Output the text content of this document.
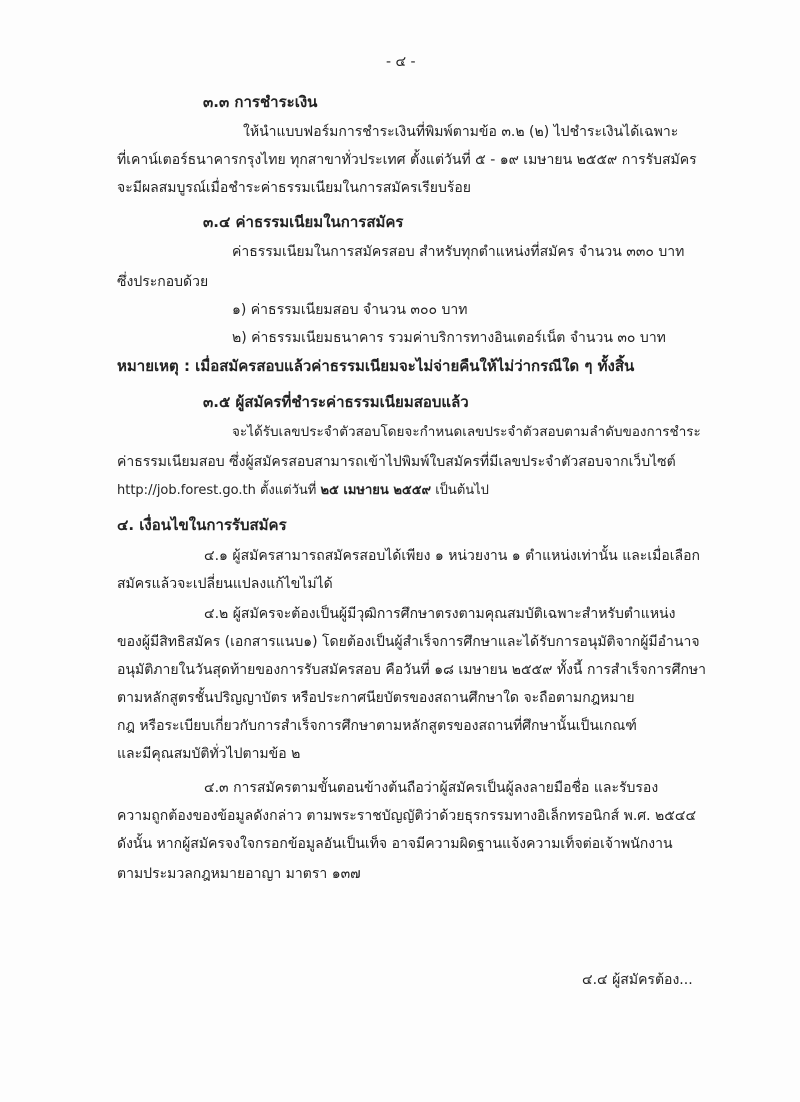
- ๔ -
๓.๓ การชำระเงิน
ให้นำแบบฟอร์มการชำระเงินที่พิมพ์ตามข้อ ๓.๒ (๒) ไปชำระเงินได้เฉพาะ
ที่เคาน์เตอร์ธนาคารกรุงไทย ทุกสาขาทั่วประเทศ ตั้งแต่วันที่ ๕ - ๑๙ เมษายน ๒๕๕๙ การรับสมัคร
จะมีผลสมบูรณ์เมื่อชำระค่าธรรมเนียมในการสมัครเรียบร้อย
๓.๔ ค่าธรรมเนียมในการสมัคร
ค่าธรรมเนียมในการสมัครสอบ สำหรับทุกตำแหน่งที่สมัคร จำนวน ๓๓๐ บาท
ซึ่งประกอบด้วย
๑) ค่าธรรมเนียมสอบ จำนวน ๓๐๐ บาท
๒) ค่าธรรมเนียมธนาคาร รวมค่าบริการทางอินเตอร์เน็ต จำนวน ๓๐ บาท
หมายเหตุ : เมื่อสมัครสอบแล้วค่าธรรมเนียมจะไม่จ่ายคืนให้ไม่ว่ากรณีใด ๆ ทั้งสิ้น
๓.๕ ผู้สมัครที่ชำระค่าธรรมเนียมสอบแล้ว
จะได้รับเลขประจำตัวสอบโดยจะกำหนดเลขประจำตัวสอบตามลำดับของการชำระ
ค่าธรรมเนียมสอบ ซึ่งผู้สมัครสอบสามารถเข้าไปพิมพ์ใบสมัครที่มีเลขประจำตัวสอบจากเว็บไซต์
http://job.forest.go.th ตั้งแต่วันที่ ๒๕ เมษายน ๒๕๕๙ เป็นต้นไป
๔. เงื่อนไขในการรับสมัคร
๔.๑ ผู้สมัครสามารถสมัครสอบได้เพียง ๑ หน่วยงาน ๑ ตำแหน่งเท่านั้น และเมื่อเลือก
สมัครแล้วจะเปลี่ยนแปลงแก้ไขไม่ได้
๔.๒ ผู้สมัครจะต้องเป็นผู้มีวุฒิการศึกษาตรงตามคุณสมบัติเฉพาะสำหรับตำแหน่ง
ของผู้มีสิทธิสมัคร (เอกสารแนบ๑) โดยต้องเป็นผู้สำเร็จการศึกษาและได้รับการอนุมัติจากผู้มีอำนาจ
อนุมัติภายในวันสุดท้ายของการรับสมัครสอบ คือวันที่ ๑๘ เมษายน ๒๕๕๙ ทั้งนี้ การสำเร็จการศึกษา
ตามหลักสูตรชั้นปริญญาบัตร หรือประกาศนียบัตรของสถานศึกษาใด จะถือตามกฎหมาย
กฎ หรือระเบียบเกี่ยวกับการสำเร็จการศึกษาตามหลักสูตรของสถานที่ศึกษานั้นเป็นเกณฑ์
และมีคุณสมบัติทั่วไปตามข้อ ๒
๔.๓ การสมัครตามขั้นตอนข้างต้นถือว่าผู้สมัครเป็นผู้ลงลายมือชื่อ และรับรอง
ความถูกต้องของข้อมูลดังกล่าว ตามพระราชบัญญัติว่าด้วยธุรกรรมทางอิเล็กทรอนิกส์ พ.ศ. ๒๕๔๔
ดังนั้น หากผู้สมัครจงใจกรอกข้อมูลอันเป็นเท็จ อาจมีความผิดฐานแจ้งความเท็จต่อเจ้าพนักงาน
ตามประมวลกฎหมายอาญา มาตรา ๑๓๗
๔.๔ ผู้สมัครต้อง...
